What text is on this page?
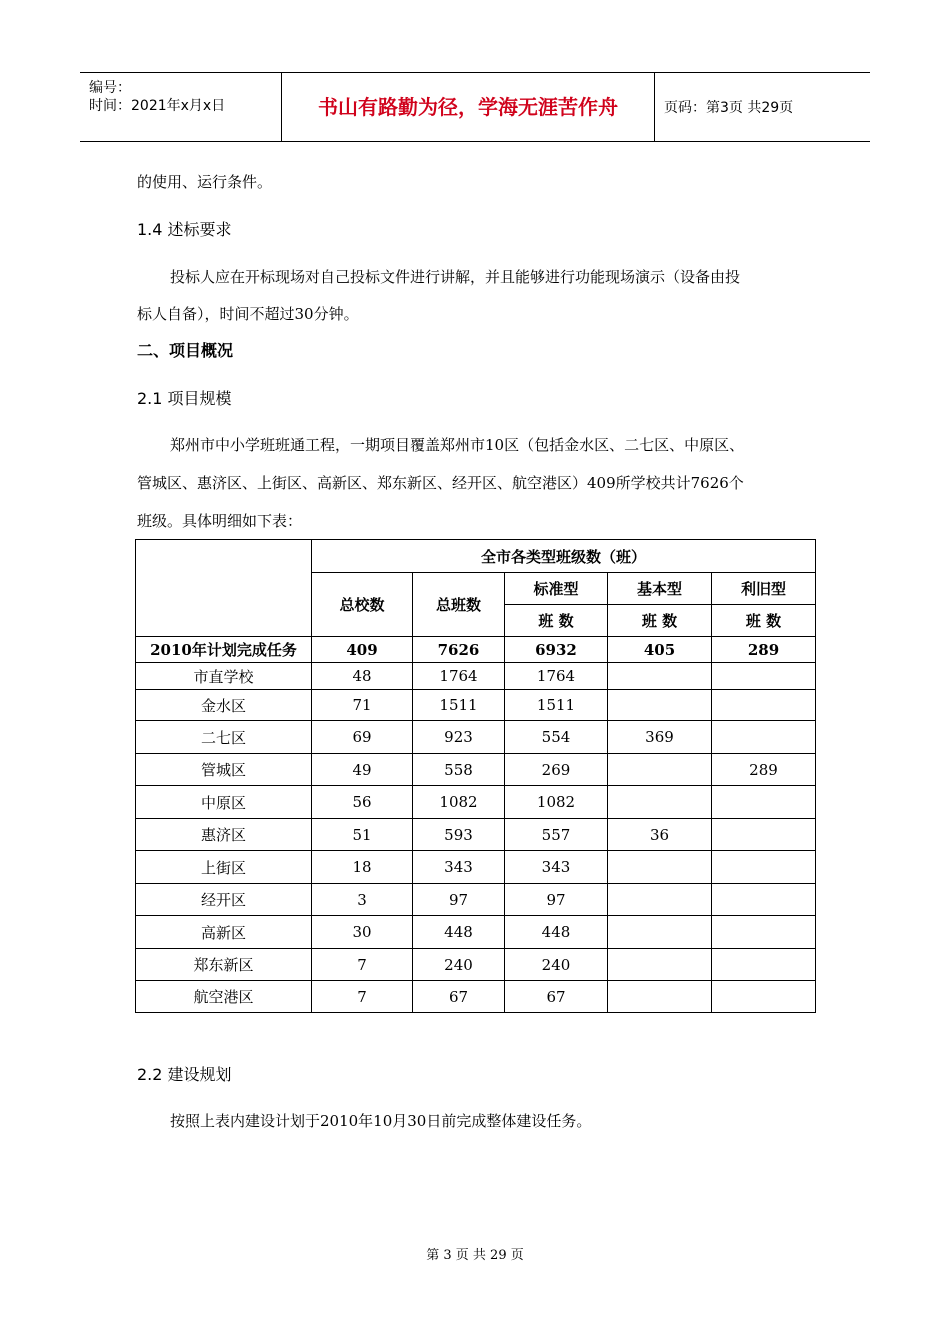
编号：
时间：2021年x月x日	书山有路勤为径，学海无涯苦作舟	页码：第3页 共29页
的使用、运行条件。
1.4 述标要求
投标人应在开标现场对自己投标文件进行讲解，并且能够进行功能现场演示（设备由投
标人自备），时间不超过30分钟。
二、项目概况
2.1 项目规模
郑州市中小学班班通工程，一期项目覆盖郑州市10区（包括金水区、二七区、中原区、
管城区、惠济区、上街区、高新区、郑东新区、经开区、航空港区）409所学校共计7626个
班级。具体明细如下表：
	全市各类型班级数（班）				
	总校数	总班数	标准型	基本型	利旧型
			班 数	班 数	班 数
2010年计划完成任务	409	7626	6932	405	289
市直学校	48	1764	1764		
金水区	71	1511	1511		
二七区	69	923	554	369	
管城区	49	558	269		289
中原区	56	1082	1082		
惠济区	51	593	557	36	
上街区	18	343	343		
经开区	3	97	97		
高新区	30	448	448		
郑东新区	7	240	240		
航空港区	7	67	67		
2.2 建设规划
按照上表内建设计划于2010年10月30日前完成整体建设任务。
第 3 页 共 29 页
